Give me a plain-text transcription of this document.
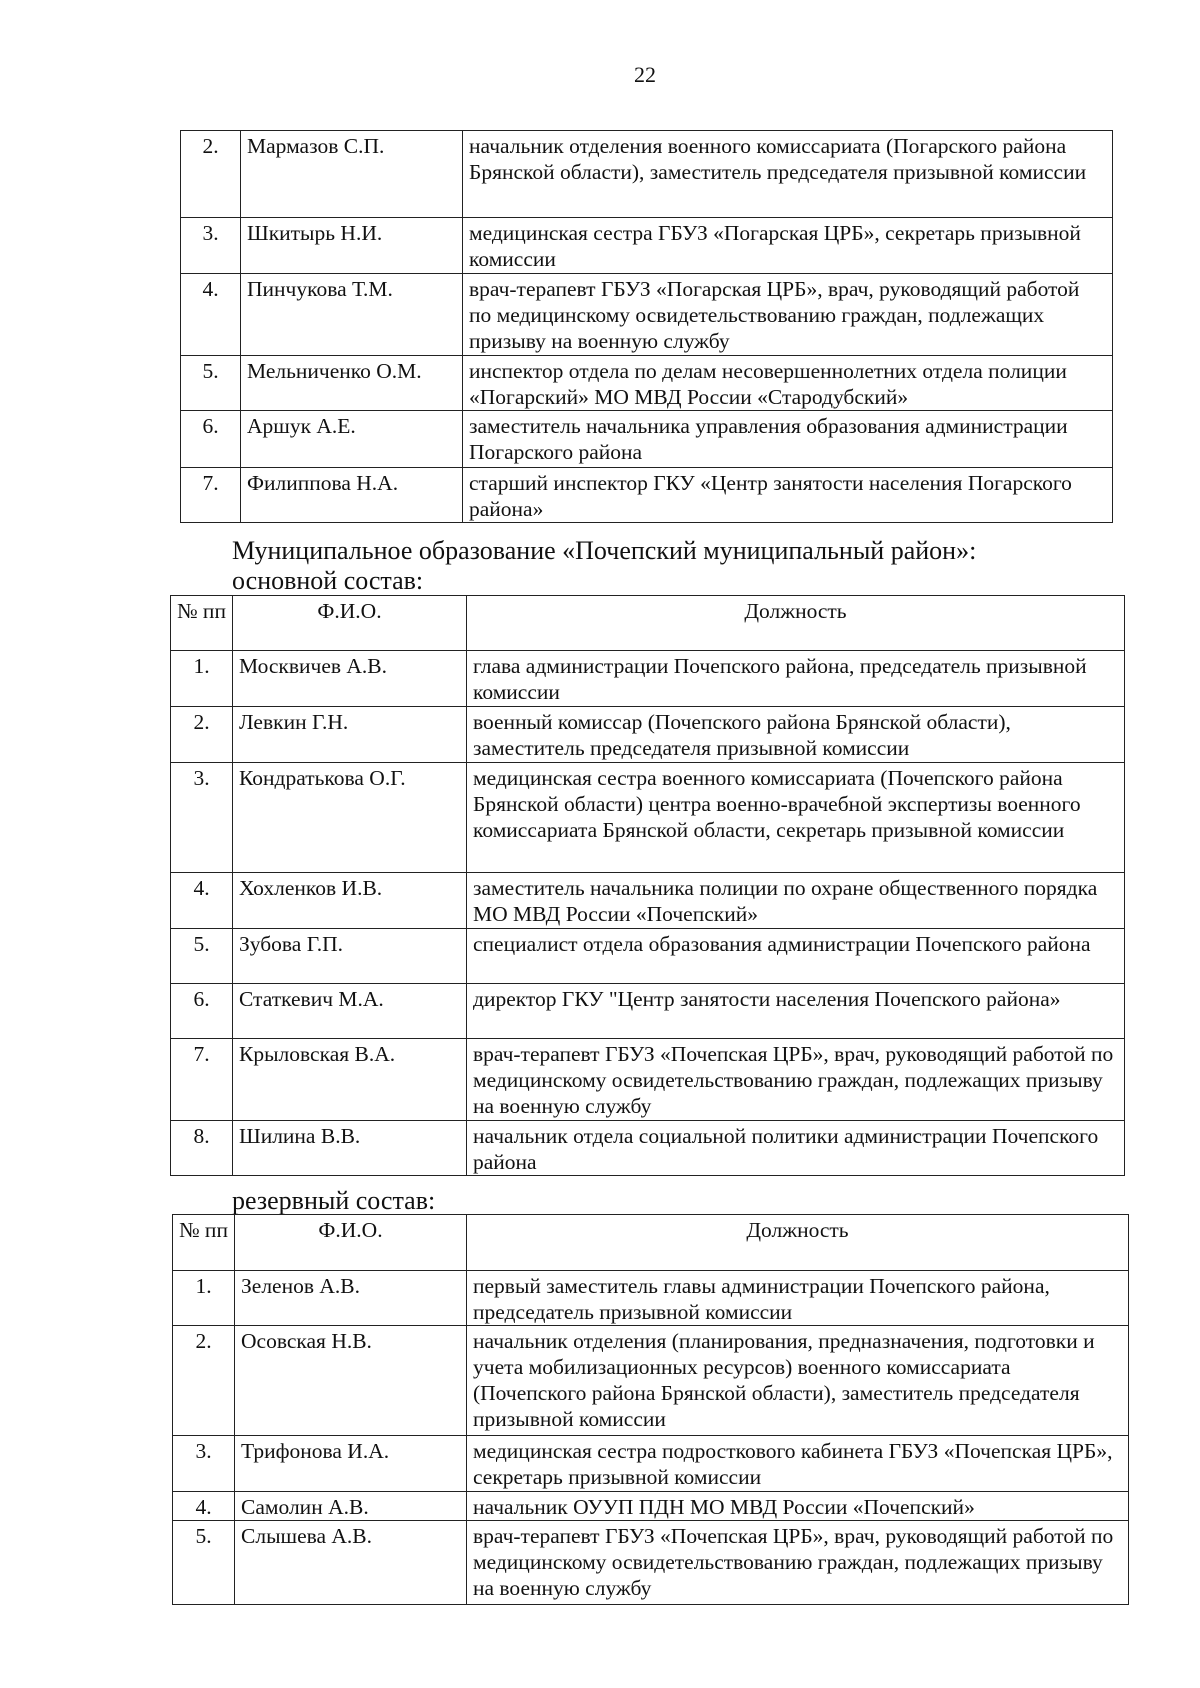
22
2.	Мармазов С.П.	начальник отделения военного комиссариата (Погарского района Брянской области), заместитель председателя призывной комиссии
3.	Шкитырь Н.И.	медицинская сестра ГБУЗ «Погарская ЦРБ», секретарь призывной комиссии
4.	Пинчукова Т.М.	врач-терапевт ГБУЗ «Погарская ЦРБ», врач, руководящий работой по медицинскому освидетельствованию граждан, подлежащих призыву на военную службу
5.	Мельниченко О.М.	инспектор отдела по делам несовершеннолетних отдела полиции «Погарский» МО МВД России «Стародубский»
6.	Аршук А.Е.	заместитель начальника управления образования администрации Погарского района
7.	Филиппова Н.А.	старший инспектор ГКУ «Центр занятости населения Погарского района»

Муниципальное образование «Почепский муниципальный район»:

основной состав:

№ пп	Ф.И.О.	Должность
1.	Москвичев А.В.	глава администрации Почепского района, председатель призывной комиссии
2.	Левкин Г.Н.	военный комиссар (Почепского района Брянской области), заместитель председателя призывной комиссии
3.	Кондратькова О.Г.	медицинская сестра военного комиссариата (Почепского района Брянской области) центра военно-врачебной экспертизы военного комиссариата Брянской области, секретарь призывной комиссии
4.	Хохленков И.В.	заместитель начальника полиции по охране общественного порядка МО МВД России «Почепский»
5.	Зубова Г.П.	специалист отдела образования администрации Почепского района
6.	Статкевич М.А.	директор ГКУ "Центр занятости населения Почепского района»
7.	Крыловская В.А.	врач-терапевт ГБУЗ «Почепская ЦРБ», врач, руководящий работой по медицинскому освидетельствованию граждан, подлежащих призыву на военную службу
8.	Шилина В.В.	начальник отдела социальной политики администрации Почепского района

резервный состав:

№ пп	Ф.И.О.	Должность
1.	Зеленов А.В.	первый заместитель главы администрации Почепского района, председатель призывной комиссии
2.	Осовская Н.В.	начальник отделения (планирования, предназначения, подготовки и учета мобилизационных ресурсов) военного комиссариата (Почепского района Брянской области), заместитель председателя призывной комиссии
3.	Трифонова И.А.	медицинская сестра подросткового кабинета ГБУЗ «Почепская ЦРБ», секретарь призывной комиссии
4.	Самолин А.В.	начальник ОУУП ПДН МО МВД России «Почепский»
5.	Слышева А.В.	врач-терапевт ГБУЗ «Почепская ЦРБ», врач, руководящий работой по медицинскому освидетельствованию граждан, подлежащих призыву на военную службу
